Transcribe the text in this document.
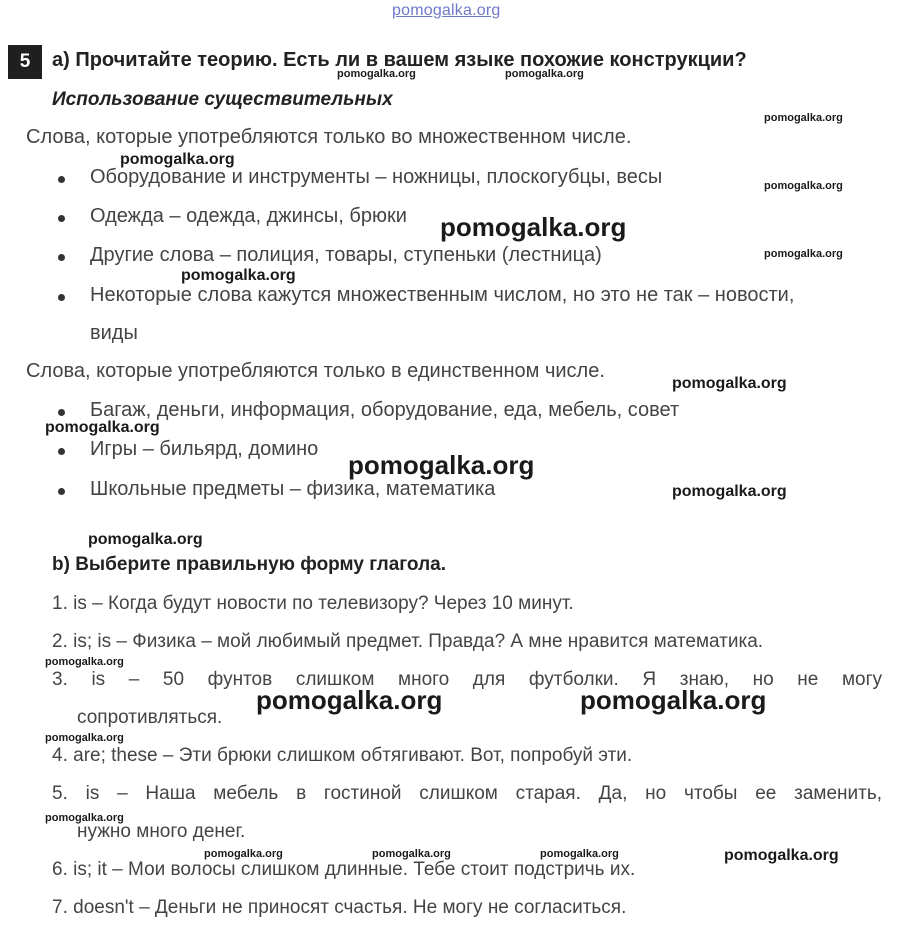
pomogalka.org
5	а) Прочитайте теорию. Есть ли в вашем языке похожие конструкции?
Использование существительных
Слова, которые употребляются только во множественном числе.
Оборудование и инструменты – ножницы, плоскогубцы, весы
Одежда – одежда, джинсы, брюки
Другие слова – полиция, товары, ступеньки (лестница)
Некоторые слова кажутся множественным числом, но это не так – новости,
виды
Слова, которые употребляются только в единственном числе.
Багаж, деньги, информация, оборудование, еда, мебель, совет
Игры – бильярд, домино
Школьные предметы – физика, математика
b) Выберите правильную форму глагола.
1. is – Когда будут новости по телевизору? Через 10 минут.
2. is; is – Физика – мой любимый предмет. Правда? А мне нравится математика.
3. is – 50 фунтов слишком много для футболки. Я знаю, но не могу
сопротивляться.
4. are; these – Эти брюки слишком обтягивают. Вот, попробуй эти.
5. is – Наша мебель в гостиной слишком старая. Да, но чтобы ее заменить,
нужно много денег.
6. is; it – Мои волосы слишком длинные. Тебе стоит подстричь их.
7. doesn't – Деньги не приносят счастья. Не могу не согласиться.
pomogalka.org	pomogalka.org
pomogalka.org
pomogalka.org
pomogalka.org
pomogalka.org
pomogalka.org
pomogalka.org
pomogalka.org
pomogalka.org
pomogalka.org
pomogalka.org
pomogalka.org
pomogalka.org
pomogalka.org	pomogalka.org
pomogalka.org
pomogalka.org
pomogalka.org	pomogalka.org	pomogalka.org	pomogalka.org
